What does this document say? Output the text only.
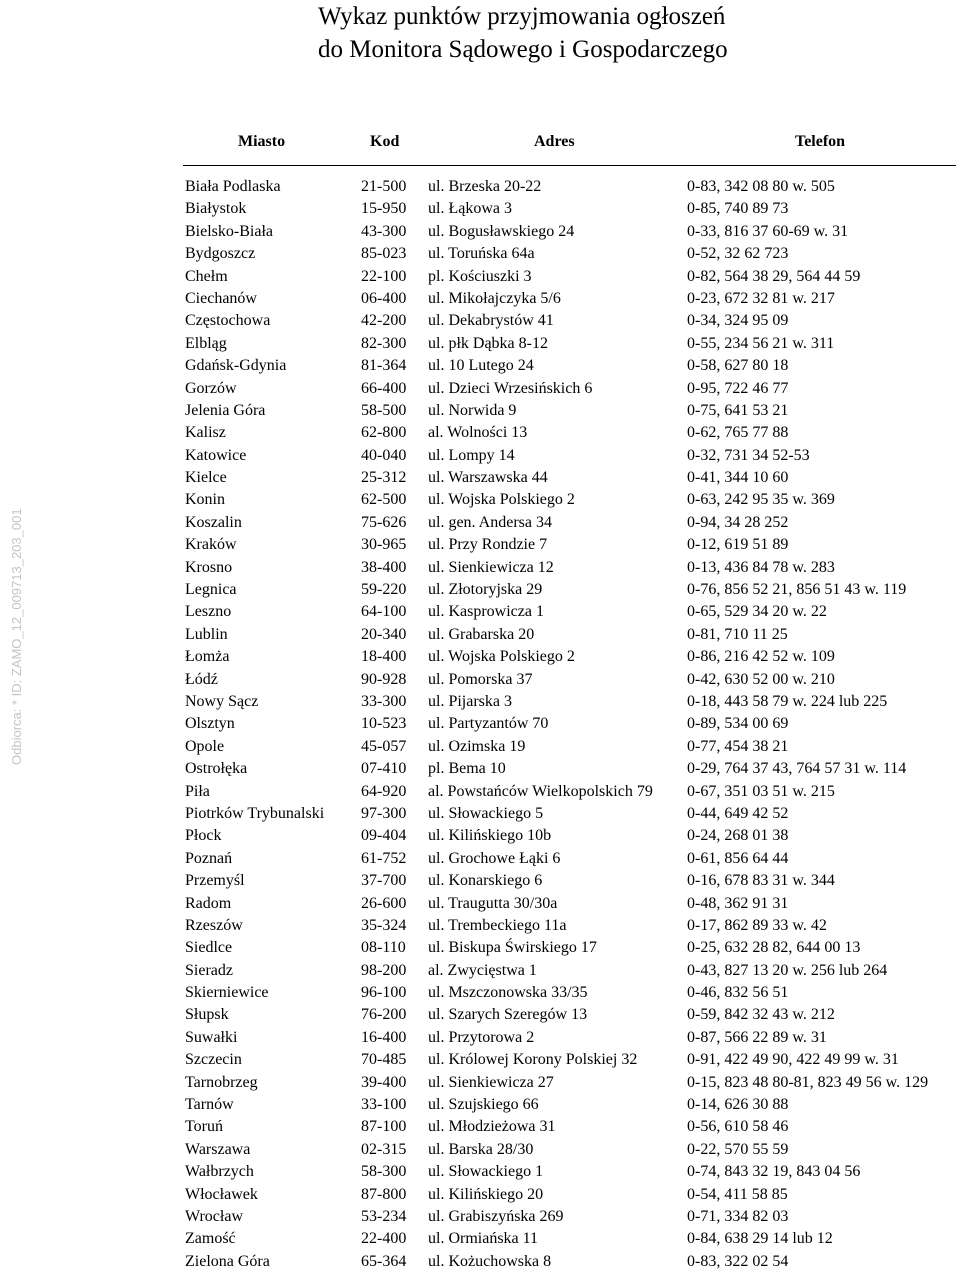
Wykaz punktów przyjmowania ogłoszeń
do Monitora Sądowego i Gospodarczego
Odbiorca: * ID: ZAMO_12_009713_203_001
Miasto	Kod	Adres	Telefon
Biała Podlaska	21-500 ul. Brzeska 20-22	0-83, 342 08 80 w. 505
Białystok	15-950 ul. Łąkowa 3	0-85, 740 89 73
Bielsko-Biała	43-300 ul. Bogusławskiego 24	0-33, 816 37 60-69 w. 31
Bydgoszcz	85-023 ul. Toruńska 64a	0-52, 32 62 723
Chełm	22-100 pl. Kościuszki 3	0-82, 564 38 29, 564 44 59
Ciechanów	06-400 ul. Mikołajczyka 5/6	0-23, 672 32 81 w. 217
Częstochowa	42-200 ul. Dekabrystów 41	0-34, 324 95 09
Elbląg	82-300 ul. płk Dąbka 8-12	0-55, 234 56 21 w. 311
Gdańsk-Gdynia	81-364 ul. 10 Lutego 24	0-58, 627 80 18
Gorzów	66-400 ul. Dzieci Wrzesińskich 6	0-95, 722 46 77
Jelenia Góra	58-500 ul. Norwida 9	0-75, 641 53 21
Kalisz	62-800 al. Wolności 13	0-62, 765 77 88
Katowice	40-040 ul. Lompy 14	0-32, 731 34 52-53
Kielce	25-312 ul. Warszawska 44	0-41, 344 10 60
Konin	62-500 ul. Wojska Polskiego 2	0-63, 242 95 35 w. 369
Koszalin	75-626 ul. gen. Andersa 34	0-94, 34 28 252
Kraków	30-965 ul. Przy Rondzie 7	0-12, 619 51 89
Krosno	38-400 ul. Sienkiewicza 12	0-13, 436 84 78 w. 283
Legnica	59-220 ul. Złotoryjska 29	0-76, 856 52 21, 856 51 43 w. 119
Leszno	64-100 ul. Kasprowicza 1	0-65, 529 34 20 w. 22
Lublin	20-340 ul. Grabarska 20	0-81, 710 11 25
Łomża	18-400 ul. Wojska Polskiego 2	0-86, 216 42 52 w. 109
Łódź	90-928 ul. Pomorska 37	0-42, 630 52 00 w. 210
Nowy Sącz	33-300 ul. Pijarska 3	0-18, 443 58 79 w. 224 lub 225
Olsztyn	10-523 ul. Partyzantów 70	0-89, 534 00 69
Opole	45-057 ul. Ozimska 19	0-77, 454 38 21
Ostrołęka	07-410 pl. Bema 10	0-29, 764 37 43, 764 57 31 w. 114
Piła	64-920 al. Powstańców Wielkopolskich 79 0-67, 351 03 51 w. 215
Piotrków Trybunalski 97-300 ul. Słowackiego 5	0-44, 649 42 52
Płock	09-404 ul. Kilińskiego 10b	0-24, 268 01 38
Poznań	61-752 ul. Grochowe Łąki 6	0-61, 856 64 44
Przemyśl	37-700 ul. Konarskiego 6	0-16, 678 83 31 w. 344
Radom	26-600 ul. Traugutta 30/30a	0-48, 362 91 31
Rzeszów	35-324 ul. Trembeckiego 11a	0-17, 862 89 33 w. 42
Siedlce	08-110 ul. Biskupa Świrskiego 17	0-25, 632 28 82, 644 00 13
Sieradz	98-200 al. Zwycięstwa 1	0-43, 827 13 20 w. 256 lub 264
Skierniewice	96-100 ul. Mszczonowska 33/35	0-46, 832 56 51
Słupsk	76-200 ul. Szarych Szeregów 13	0-59, 842 32 43 w. 212
Suwałki	16-400 ul. Przytorowa 2	0-87, 566 22 89 w. 31
Szczecin	70-485 ul. Królowej Korony Polskiej 32	0-91, 422 49 90, 422 49 99 w. 31
Tarnobrzeg	39-400 ul. Sienkiewicza 27	0-15, 823 48 80-81, 823 49 56 w. 129
Tarnów	33-100 ul. Szujskiego 66	0-14, 626 30 88
Toruń	87-100 ul. Młodzieżowa 31	0-56, 610 58 46
Warszawa	02-315 ul. Barska 28/30	0-22, 570 55 59
Wałbrzych	58-300 ul. Słowackiego 1	0-74, 843 32 19, 843 04 56
Włocławek	87-800 ul. Kilińskiego 20	0-54, 411 58 85
Wrocław	53-234 ul. Grabiszyńska 269	0-71, 334 82 03
Zamość	22-400 ul. Ormiańska 11	0-84, 638 29 14 lub 12
Zielona Góra	65-364 ul. Kożuchowska 8	0-83, 322 02 54
